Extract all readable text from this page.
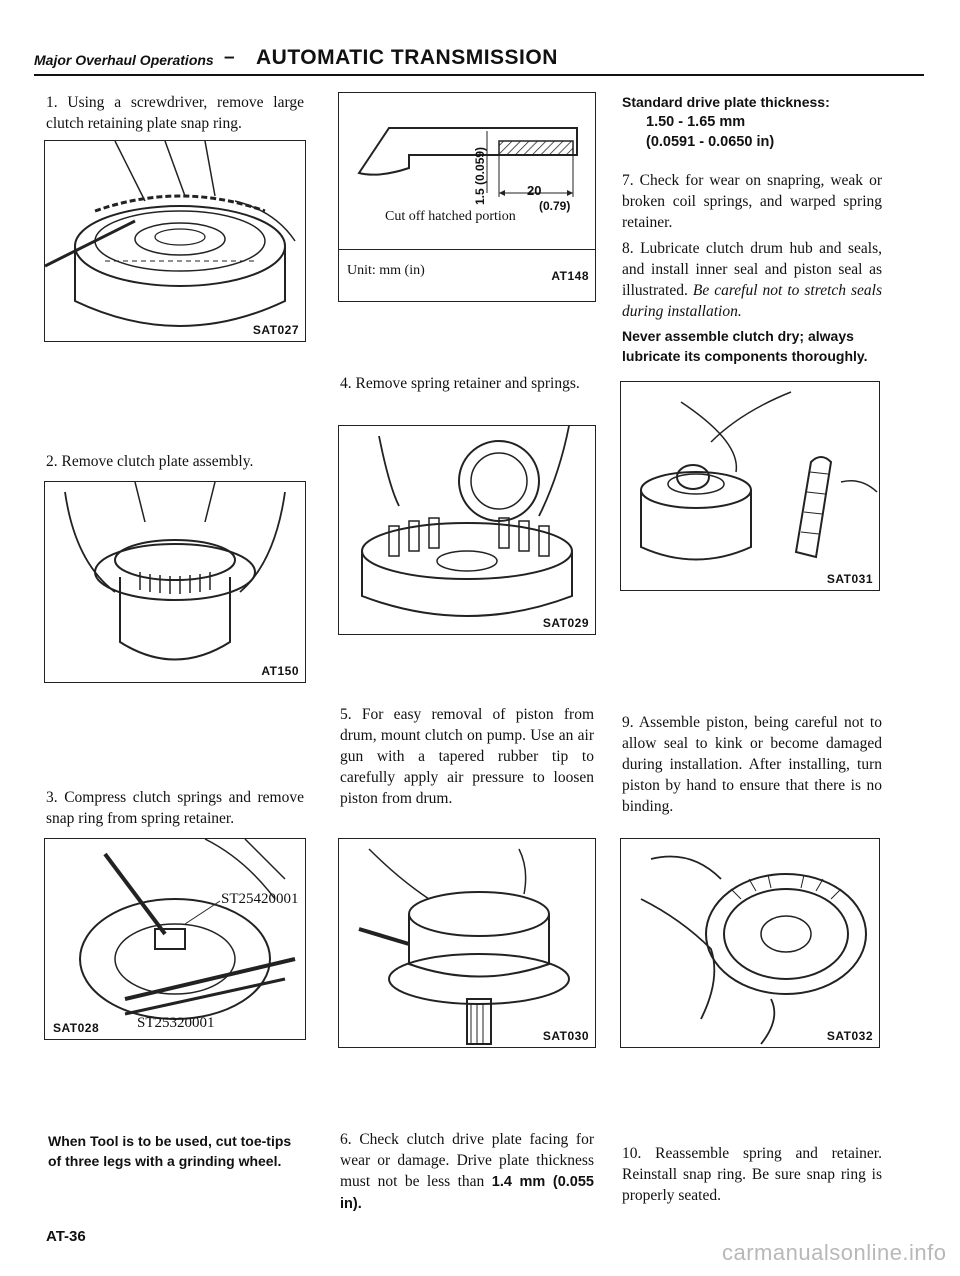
Major Overhaul Operations – AUTOMATIC TRANSMISSION
1. Using a screwdriver, remove large clutch retaining plate snap ring.
SAT027
2. Remove clutch plate assembly.
AT150
3. Compress clutch springs and remove snap ring from spring retainer.
ST25420001
ST25320001
SAT028
When Tool is to be used, cut toe-tips of three legs with a grinding wheel.
AT-36
1.5 (0.059)	20
(0.79)
Cut off hatched portion
Unit: mm (in)	AT148
4. Remove spring retainer and springs.
SAT029
5. For easy removal of piston from drum, mount clutch on pump. Use an air gun with a tapered rubber tip to carefully apply air pressure to loosen piston from drum.
SAT030
6. Check clutch drive plate facing for wear or damage. Drive plate thickness must not be less than 1.4 mm (0.055 in).
Standard drive plate thickness:
1.50 - 1.65 mm
(0.0591 - 0.0650 in)
7. Check for wear on snapring, weak or broken coil springs, and warped spring retainer.
8. Lubricate clutch drum hub and seals, and install inner seal and piston seal as illustrated. Be careful not to stretch seals during installation.
Never assemble clutch dry; always lubricate its components thoroughly.
SAT031
9. Assemble piston, being careful not to allow seal to kink or become damaged during installation. After installing, turn piston by hand to ensure that there is no binding.
SAT032
10. Reassemble spring and retainer. Reinstall snap ring. Be sure snap ring is properly seated.
carmanualsonline.info
